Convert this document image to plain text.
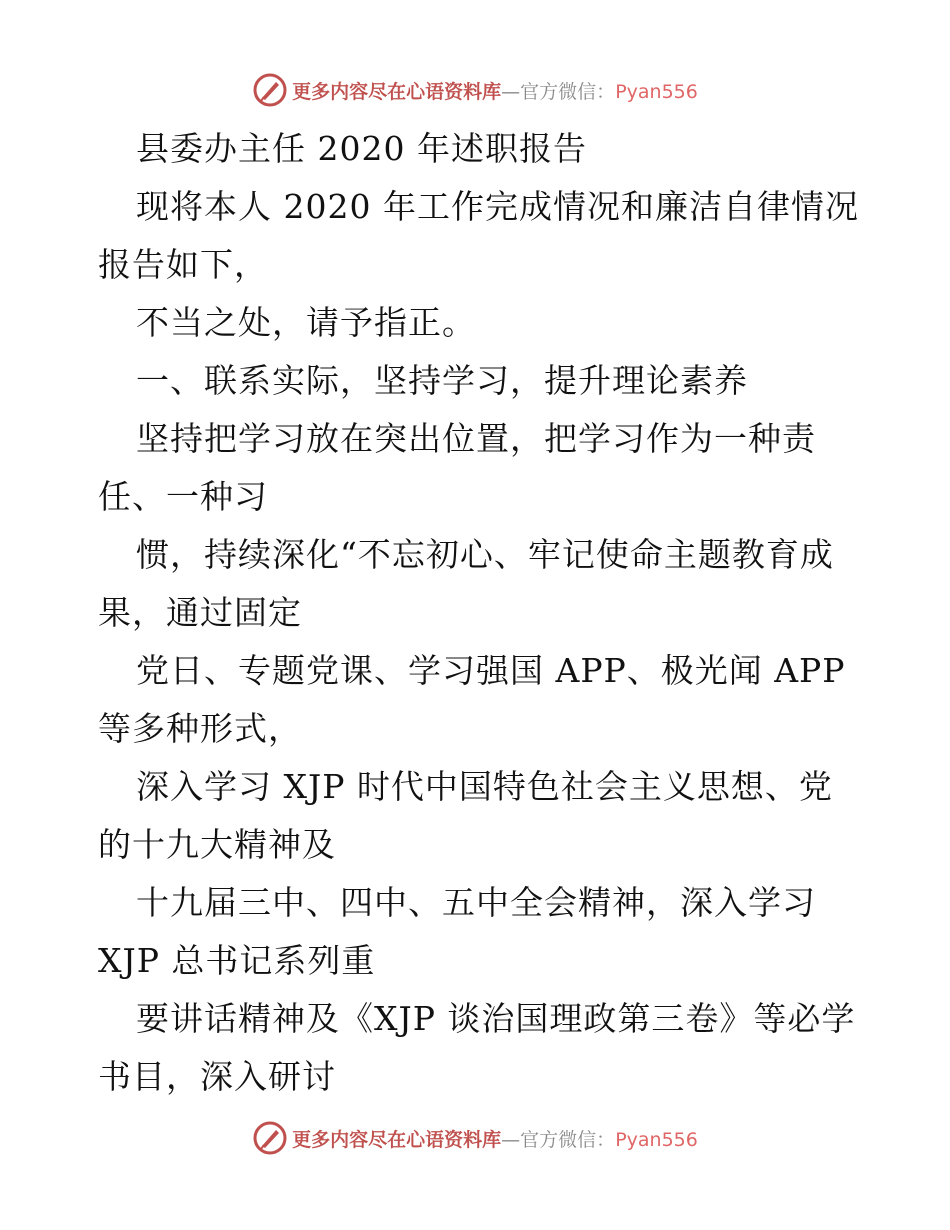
更多内容尽在心语资料库—官方微信：Pyan556
县委办主任 2020 年述职报告
现将本人 2020 年工作完成情况和廉洁自律情况
报告如下，
不当之处，请予指正。
一、联系实际，坚持学习，提升理论素养
坚持把学习放在突出位置，把学习作为一种责
任、一种习
惯，持续深化“不忘初心、牢记使命主题教育成
果，通过固定
党日、专题党课、学习强国 APP、极光闻 APP
等多种形式，
深入学习 XJP 时代中国特色社会主义思想、党
的十九大精神及
十九届三中、四中、五中全会精神，深入学习
XJP 总书记系列重
要讲话精神及《XJP 谈治国理政第三卷》等必学
书目，深入研讨
更多内容尽在心语资料库—官方微信：Pyan556
